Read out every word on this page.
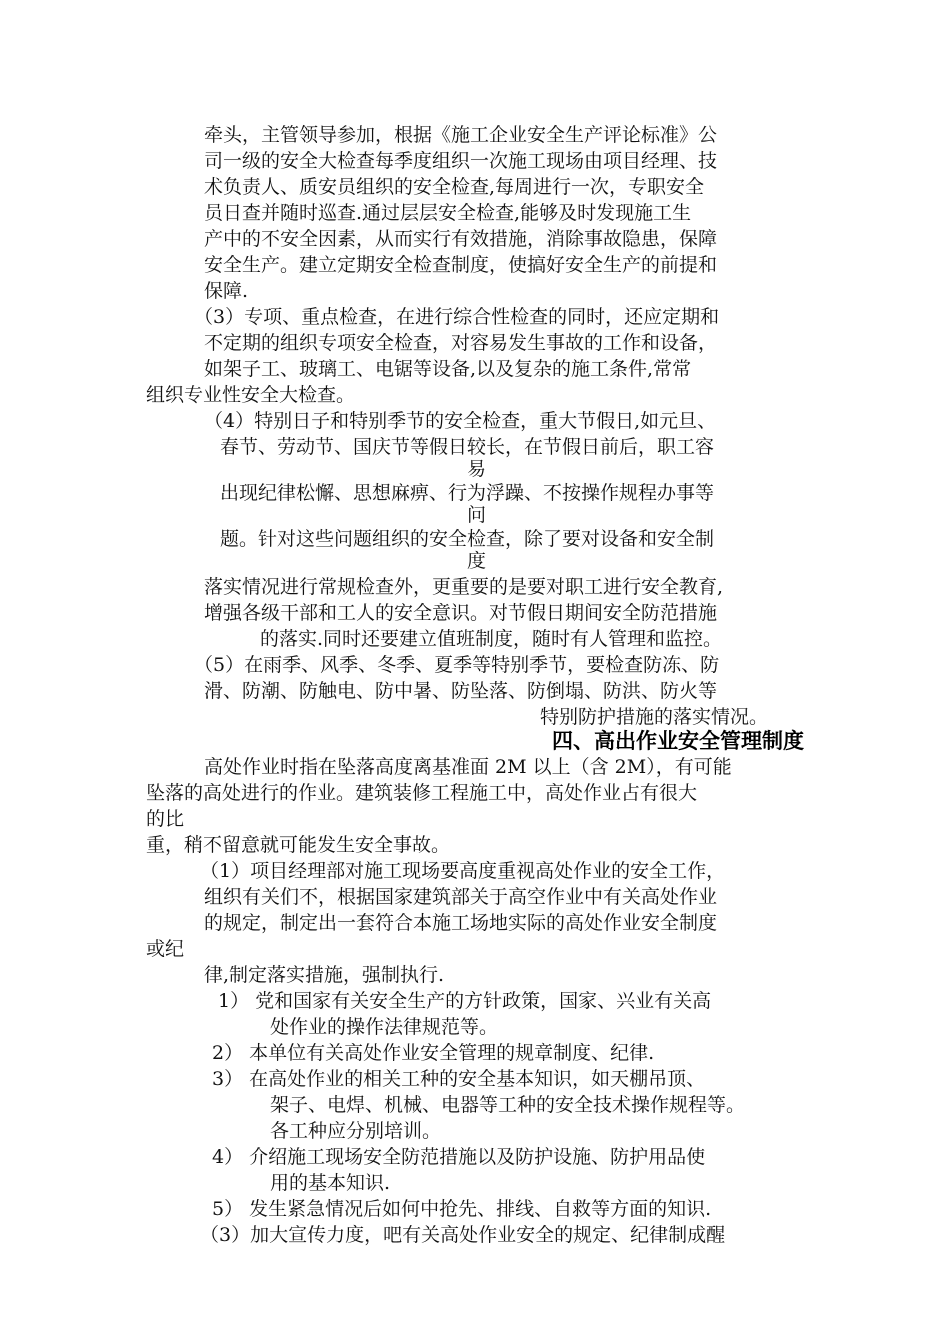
牵头，主管领导参加，根据《施工企业安全生产评论标准》公
司一级的安全大检查每季度组织一次施工现场由项目经理、技
术负责人、质安员组织的安全检查,每周进行一次，专职安全
员日查并随时巡查.通过层层安全检查,能够及时发现施工生
产中的不安全因素，从而实行有效措施，消除事故隐患，保障
安全生产。建立定期安全检查制度，使搞好安全生产的前提和
保障.
（3）专项、重点检查，在进行综合性检查的同时，还应定期和
不定期的组织专项安全检查，对容易发生事故的工作和设备，
如架子工、玻璃工、电锯等设备,以及复杂的施工条件,常常
组织专业性安全大检查。
（4）特别日子和特别季节的安全检查，重大节假日,如元旦、
春节、劳动节、国庆节等假日较长，在节假日前后，职工容
易
出现纪律松懈、思想麻痹、行为浮躁、不按操作规程办事等
问
题。针对这些问题组织的安全检查，除了要对设备和安全制
度
落实情况进行常规检查外，更重要的是要对职工进行安全教育,
增强各级干部和工人的安全意识。对节假日期间安全防范措施
的落实.同时还要建立值班制度，随时有人管理和监控。
（5）在雨季、风季、冬季、夏季等特别季节，要检查防冻、防
滑、防潮、防触电、防中暑、防坠落、防倒塌、防洪、防火等
特别防护措施的落实情况。
四、高出作业安全管理制度
高处作业时指在坠落高度离基准面 2M 以上（含 2M），有可能
坠落的高处进行的作业。建筑装修工程施工中，高处作业占有很大
的比
重，稍不留意就可能发生安全事故。
（1）项目经理部对施工现场要高度重视高处作业的安全工作，
组织有关们不，根据国家建筑部关于高空作业中有关高处作业
的规定，制定出一套符合本施工场地实际的高处作业安全制度
或纪
律,制定落实措施，强制执行.
1） 党和国家有关安全生产的方针政策，国家、兴业有关高
处作业的操作法律规范等。
2） 本单位有关高处作业安全管理的规章制度、纪律.
3） 在高处作业的相关工种的安全基本知识，如天棚吊顶、
架子、电焊、机械、电器等工种的安全技术操作规程等。
各工种应分别培训。
4） 介绍施工现场安全防范措施以及防护设施、防护用品使
用的基本知识.
5） 发生紧急情况后如何中抢先、排线、自救等方面的知识.
（3）加大宣传力度，吧有关高处作业安全的规定、纪律制成醒
